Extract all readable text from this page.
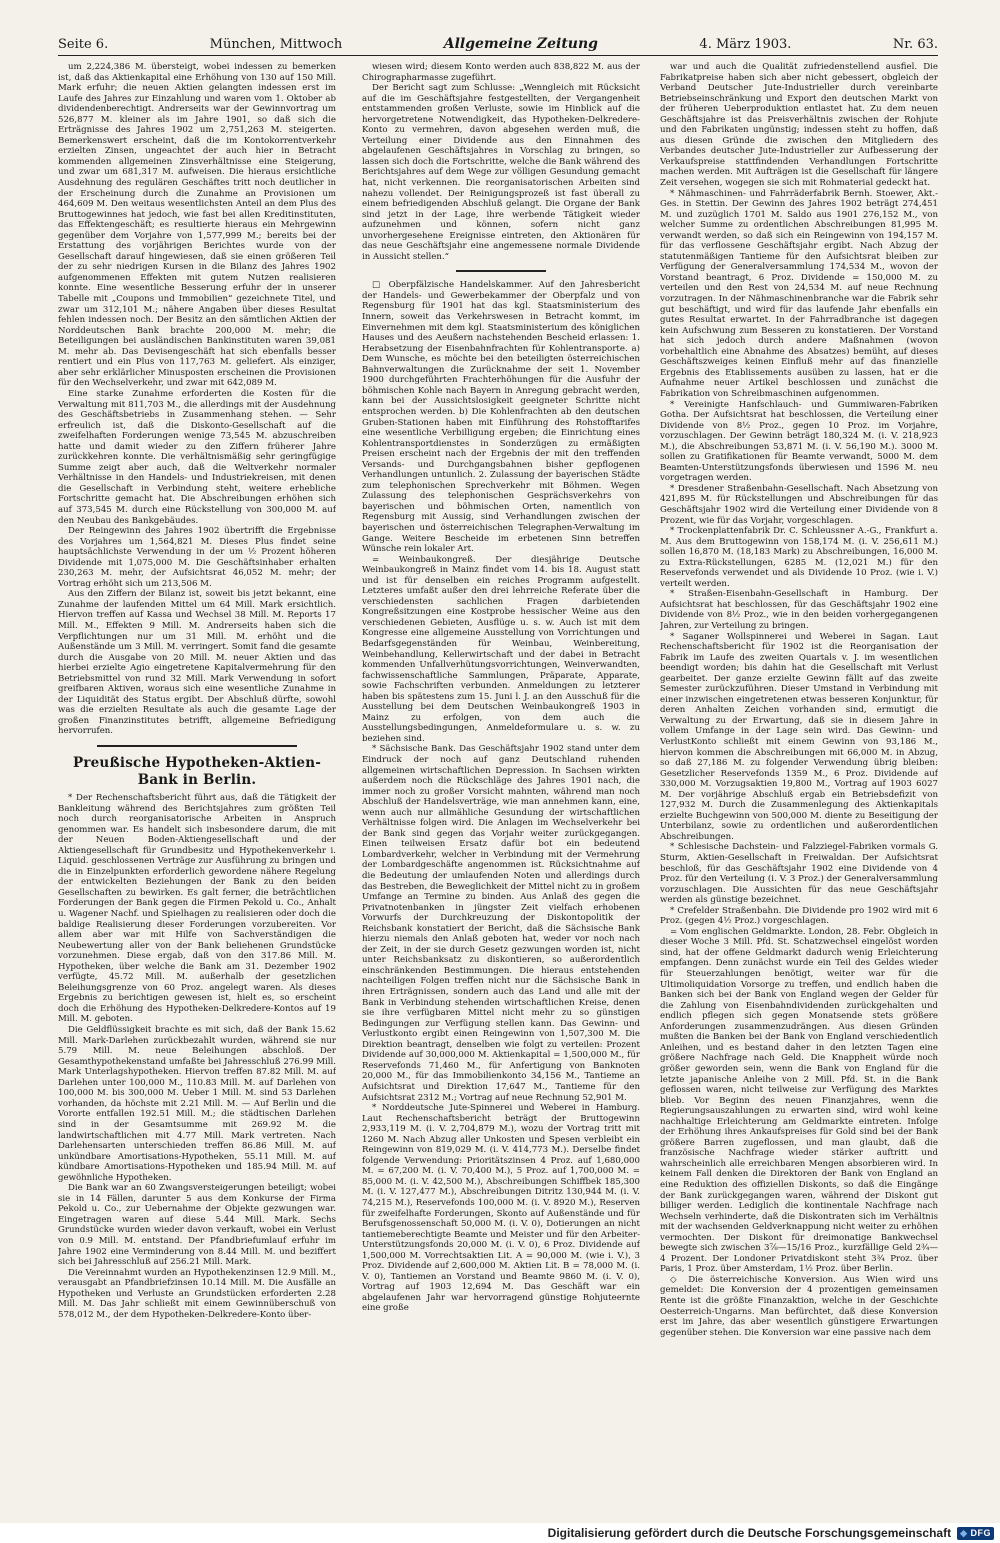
Seite 6.	München, Mittwoch	Allgemeine Zeitung	4. März 1903.	Nr. 63.

um 2,224,386 M. übersteigt, wobei indessen zu bemerken ist, daß das Aktienkapital eine Erhöhung von 130 auf 150 Mill. Mark erfuhr; die neuen Aktien gelangten indessen erst im Laufe des Jahres zur Einzahlung und waren vom 1. Oktober ab dividendenberechtigt. Andrerseits war der Gewinnvortrag um 526,877 M. kleiner als im Jahre 1901, so daß sich die Erträgnisse des Jahres 1902 um 2,751,263 M. steigerten. Bemerkenswert erscheint, daß die im Kontokorrentverkehr erzielten Zinsen, ungeachtet der auch hier in Betracht kommenden allgemeinen Zinsverhältnisse eine Steigerung, und zwar um 681,317 M. aufweisen. Die hieraus ersichtliche Ausdehnung des regulären Geschäftes tritt noch deutlicher in der Erscheinung durch die Zunahme an Provisionen um 464,609 M. Den weitaus wesentlichsten Anteil an dem Plus des Bruttogewinnes hat jedoch, wie fast bei allen Kreditinstituten, das Effektengeschäft; es resultierte hieraus ein Mehrgewinn gegenüber dem Vorjahre von 1,577,999 M.; bereits bei der Erstattung des vorjährigen Berichtes wurde von der Gesellschaft darauf hingewiesen, daß sie einen größeren Teil der zu sehr niedrigen Kursen in die Bilanz des Jahres 1902 aufgenommenen Effekten mit gutem Nutzen realisieren konnte. Eine wesentliche Besserung erfuhr der in unserer Tabelle mit „Coupons und Immobilien“ gezeichnete Titel, und zwar um 312,101 M.; nähere Angaben über dieses Resultat fehlen indessen noch. Der Besitz an den sämtlichen Aktien der Norddeutschen Bank brachte 200,000 M. mehr; die Beteiligungen bei ausländischen Bankinstituten waren 39,081 M. mehr ab. Das Devisengeschäft hat sich ebenfalls besser rentiert und ein Plus von 117,763 M. geliefert. Als einziger, aber sehr erklärlicher Minusposten erscheinen die Provisionen für den Wechselverkehr, und zwar mit 642,089 M.

Eine starke Zunahme erforderten die Kosten für die Verwaltung mit 811,703 M., die allerdings mit der Ausdehnung des Geschäftsbetriebs in Zusammenhang stehen. — Sehr erfreulich ist, daß die Diskonto-Gesellschaft auf die zweifelhaften Forderungen wenige 73,545 M. abzuschreiben hatte und damit wieder zu den Ziffern früherer Jahre zurückkehren konnte. Die verhältnismäßig sehr geringfügige Summe zeigt aber auch, daß die Weltverkehr normaler Verhältnisse in den Handels- und Industriekreisen, mit denen die Gesellschaft in Verbindung steht, weitere erhebliche Fortschritte gemacht hat. Die Abschreibungen erhöhen sich auf 373,545 M. durch eine Rückstellung von 300,000 M. auf den Neubau des Bankgebäudes.

Der Reingewinn des Jahres 1902 übertrifft die Ergebnisse des Vorjahres um 1,564,821 M. Dieses Plus findet seine hauptsächlichste Verwendung in der um ½ Prozent höheren Dividende mit 1,075,000 M. Die Geschäftsinhaber erhalten 230,263 M. mehr, der Aufsichtsrat 46,052 M. mehr; der Vortrag erhöht sich um 213,506 M.

Aus den Ziffern der Bilanz ist, soweit bis jetzt bekannt, eine Zunahme der laufenden Mittel um 64 Mill. Mark ersichtlich. Hiervon treffen auf Kassa und Wechsel 38 Mill. M. Reports 17 Mill. M., Effekten 9 Mill. M. Andrerseits haben sich die Verpflichtungen nur um 31 Mill. M. erhöht und die Außenstände um 3 Mill. M. verringert. Somit fand die gesamte durch die Ausgabe von 20 Mill. M. neuer Aktien und das hierbei erzielte Agio eingetretene Kapitalvermehrung für den Betriebsmittel von rund 32 Mill. Mark Verwendung in sofort greifbaren Aktiven, woraus sich eine wesentliche Zunahme in der Liquidität des Status ergibt. Der Abschluß dürfte, sowohl was die erzielten Resultate als auch die gesamte Lage der großen Finanzinstitutes betrifft, allgemeine Befriedigung hervorrufen.

Preußische Hypotheken-Aktien-Bank in Berlin.

* Der Rechenschaftsbericht führt aus, daß die Tätigkeit der Bankleitung während des Berichtsjahres zum größten Teil noch durch reorganisatorische Arbeiten in Anspruch genommen war. Es handelt sich insbesondere darum, die mit der Neuen Boden-Aktiengesellschaft und der Aktiengesellschaft für Grundbesitz und Hypothekenverkehr i. Liquid. geschlossenen Verträge zur Ausführung zu bringen und die in Einzelpunkten erforderlich gewordene nähere Regelung der entwickelten Beziehungen der Bank zu den beiden Gesellschaften zu bewirken. Es galt ferner, die beträchtlichen Forderungen der Bank gegen die Firmen Pekold u. Co., Anhalt u. Wagener Nachf. und Spielhagen zu realisieren oder doch die baldige Realisierung dieser Forderungen vorzubereiten. Vor allem aber war mit Hilfe von Sachverständigen die Neubewertung aller von der Bank beliehenen Grundstücke vorzunehmen. Diese ergab, daß von den 317.86 Mill. M. Hypotheken, über welche die Bank am 31. Dezember 1902 verfügte, 45.72 Mill. M. außerhalb der gesetzlichen Beleihungsgrenze von 60 Proz. angelegt waren. Als dieses Ergebnis zu berichtigen gewesen ist, hielt es, so erscheint doch die Erhöhung des Hypotheken-Delkredere-Kontos auf 19 Mill. M. geboten.

Die Geldflüssigkeit brachte es mit sich, daß der Bank 15.62 Mill. Mark-Darlehen zurückbezahlt wurden, während sie nur 5.79 Mill. M. neue Beleihungen abschloß. Der Gesamthypothekenstand umfaßte bei Jahresschluß 276.99 Mill. Mark Unterlagshypotheken. Hiervon treffen 87.82 Mill. M. auf Darlehen unter 100,000 M., 110.83 Mill. M. auf Darlehen von 100,000 M. bis 300,000 M. Ueber 1 Mill. M. sind 53 Darlehen vorhanden, da höchste mit 2.21 Mill. M. — Auf Berlin und die Vororte entfallen 192.51 Mill. M.; die städtischen Darlehen sind in der Gesamtsumme mit 269.92 M. die landwirtschaftlichen mit 4.77 Mill. Mark vertreten. Nach Darlehensarten unterschieden treffen 86.86 Mill. M. auf unkündbare Amortisations-Hypotheken, 55.11 Mill. M. auf kündbare Amortisations-Hypotheken und 185.94 Mill. M. auf gewöhnliche Hypotheken.

Die Bank war an 60 Zwangsversteigerungen beteiligt; wobei sie in 14 Fällen, darunter 5 aus dem Konkurse der Firma Pekold u. Co., zur Uebernahme der Objekte gezwungen war. Eingetragen waren auf diese 5.44 Mill. Mark. Sechs Grundstücke wurden wieder davon verkauft, wobei ein Verlust von 0.9 Mill. M. entstand. Der Pfandbriefumlauf erfuhr im Jahre 1902 eine Verminderung von 8.44 Mill. M. und beziffert sich bei Jahresschluß auf 256.21 Mill. Mark.

Die Vereinnahmt wurden an Hypothekenzinsen 12.9 Mill. M., verausgabt an Pfandbriefzinsen 10.14 Mill. M. Die Ausfälle an Hypotheken und Verluste an Grundstücken erforderten 2.28 Mill. M. Das Jahr schließt mit einem Gewinnüberschuß von 578,012 M., der dem Hypotheken-Delkredere-Konto über-

wiesen wird; diesem Konto werden auch 838,822 M. aus der Chirographarmasse zugeführt.

Der Bericht sagt zum Schlusse: „Wenngleich mit Rücksicht auf die im Geschäftsjahre festgestellten, der Vergangenheit entstammenden großen Verluste, sowie im Hinblick auf die hervorgetretene Notwendigkeit, das Hypotheken-Delkredere-Konto zu vermehren, davon abgesehen werden muß, die Verteilung einer Dividende aus den Einnahmen des abgelaufenen Geschäftsjahres in Vorschlag zu bringen, so lassen sich doch die Fortschritte, welche die Bank während des Berichtsjahres auf dem Wege zur völligen Gesundung gemacht hat, nicht verkennen. Die reorganisatorischen Arbeiten sind nahezu vollendet. Der Reinigungsprozeß ist fast überall zu einem befriedigenden Abschluß gelangt. Die Organe der Bank sind jetzt in der Lage, ihre werbende Tätigkeit wieder aufzunehmen und können, sofern nicht ganz unvorhergesehene Ereignisse eintreten, den Aktionären für das neue Geschäftsjahr eine angemessene normale Dividende in Aussicht stellen.“

□ Oberpfälzische Handelskammer. Auf den Jahresbericht der Handels- und Gewerbekammer der Oberpfalz und von Regensburg für 1901 hat das kgl. Staatsministerium des Innern, soweit das Verkehrswesen in Betracht kommt, im Einvernehmen mit dem kgl. Staatsministerium des königlichen Hauses und des Aeußern nachstehenden Bescheid erlassen: 1. Herabsetzung der Eisenbahnfrachten für Kohlentransporte. a) Dem Wunsche, es möchte bei den beteiligten österreichischen Bahnverwaltungen die Zurücknahme der seit 1. November 1900 durchgeführten Frachterhöhungen für die Ausfuhr der böhmischen Kohle nach Bayern in Anregung gebracht werden, kann bei der Aussichtslosigkeit geeigneter Schritte nicht entsprochen werden. b) Die Kohlenfrachten ab den deutschen Gruben-Stationen haben mit Einführung des Rohstofftarifes eine wesentliche Verbilligung ergeben; die Einrichtung eines Kohlentransportdienstes in Sonderzügen zu ermäßigten Preisen erscheint nach der Ergebnis der mit den treffenden Versands- und Durchgangsbahnen bisher gepflogenen Verhandlungen untunlich. 2. Zulassung der bayerischen Städte zum telephonischen Sprechverkehr mit Böhmen. Wegen Zulassung des telephonischen Gesprächsverkehrs von bayerischen und böhmischen Orten, namentlich von Regensburg mit Aussig, sind Verhandlungen zwischen der bayerischen und österreichischen Telegraphen-Verwaltung im Gange. Weitere Bescheide im erbetenen Sinn betreffen Wünsche rein lokaler Art.

= Weinbaukongreß. Der diesjährige Deutsche Weinbaukongreß in Mainz findet vom 14. bis 18. August statt und ist für denselben ein reiches Programm aufgestellt. Letzteres umfaßt außer den drei lehrreiche Referate über die verschiedensten sachlichen Fragen darbietenden Kongreßsitzungen eine Kostprobe hessischer Weine aus den verschiedenen Gebieten, Ausflüge u. s. w. Auch ist mit dem Kongresse eine allgemeine Ausstellung von Vorrichtungen und Bedarfsgegenständen für Weinbau, Weinbereitung, Weinbehandlung, Kellerwirtschaft und der dabei in Betracht kommenden Unfallverhütungsvorrichtungen, Weinverwandten, fachwissenschaftliche Sammlungen, Präparate, Apparate, sowie Fachschriften verbunden. Anmeldungen zu letzterer haben bis spätestens zum 15. Juni l. J. an den Ausschuß für die Ausstellung bei dem Deutschen Weinbaukongreß 1903 in Mainz zu erfolgen, von dem auch die Ausstellungsbedingungen, Anmeldeformulare u. s. w. zu beziehen sind.

* Sächsische Bank. Das Geschäftsjahr 1902 stand unter dem Eindruck der noch auf ganz Deutschland ruhenden allgemeinen wirtschaftlichen Depression. In Sachsen wirkten außerdem noch die Rückschläge des Jahres 1901 nach, die immer noch zu großer Vorsicht mahnten, während man noch Abschluß der Handelsverträge, wie man annehmen kann, eine, wenn auch nur allmähliche Gesundung der wirtschaftlichen Verhältnisse folgen wird. Die Anlagen im Wechselverkehr bei der Bank sind gegen das Vorjahr weiter zurückgegangen. Einen teilweisen Ersatz dafür bot ein bedeutend Lombardverkehr, welcher in Verbindung mit der Vermehrung der Lombardgeschäfte angenommen ist. Rücksichtnahme auf die Bedeutung der umlaufenden Noten und allerdings durch das Bestreben, die Beweglichkeit der Mittel nicht zu in großem Umfange an Termine zu binden. Aus Anlaß des gegen die Privatnotenbanken in jüngster Zeit vielfach erhobenen Vorwurfs der Durchkreuzung der Diskontopolitik der Reichsbank konstatiert der Bericht, daß die Sächsische Bank hierzu niemals den Anlaß geboten hat, weder vor noch nach der Zeit, in der sie durch Gesetz gezwungen worden ist, nicht unter Reichsbanksatz zu diskontieren, so außerordentlich einschränkenden Bestimmungen. Die hieraus entstehenden nachteiligen Folgen treffen nicht nur die Sächsische Bank in ihren Erträgnissen, sondern auch das Land und alle mit der Bank in Verbindung stehenden wirtschaftlichen Kreise, denen sie ihre verfügbaren Mittel nicht mehr zu so günstigen Bedingungen zur Verfügung stellen kann. Das Gewinn- und Verlustkonto ergibt einen Reingewinn von 1,507,300 M. Die Direktion beantragt, denselben wie folgt zu verteilen: Prozent Dividende auf 30,000,000 M. Aktienkapital = 1,500,000 M., für Reservefonds 71,460 M., für Anfertigung von Banknoten 20,000 M., für das Immobilienkonto 34,156 M., Tantieme an Aufsichtsrat und Direktion 17,647 M., Tantieme für den Aufsichtsrat 2312 M.; Vortrag auf neue Rechnung 52,901 M.

* Norddeutsche Jute-Spinnerei und Weberei in Hamburg. Laut Rechenschaftsbericht beträgt der Bruttogewinn 2,933,119 M. (i. V. 2,704,879 M.), wozu der Vortrag tritt mit 1260 M. Nach Abzug aller Unkosten und Spesen verbleibt ein Reingewinn von 819,029 M. (i. V. 414,773 M.). Derselbe findet folgende Verwendung: Prioritätszinsen 4 Proz. auf 1,680,000 M. = 67,200 M. (i. V. 70,400 M.), 5 Proz. auf 1,700,000 M. = 85,000 M. (i. V. 42,500 M.), Abschreibungen Schiffbek 185,300 M. (i. V. 127,477 M.), Abschreibungen Ditritz 130,944 M. (i. V. 74,215 M.), Reservefonds 100,000 M. (i. V. 8920 M.), Reserven für zweifelhafte Forderungen, Skonto auf Außenstände und für Berufsgenossenschaft 50,000 M. (i. V. 0), Dotierungen an nicht tantiemeberechtigte Beamte und Meister und für den Arbeiter-Unterstützungsfonds 20,000 M. (i. V. 0), 6 Proz. Dividende auf 1,500,000 M. Vorrechtsaktien Lit. A = 90,000 M. (wie i. V.), 3 Proz. Dividende auf 2,600,000 M. Aktien Lit. B = 78,000 M. (i. V. 0), Tantiemen an Vorstand und Beamte 9860 M. (i. V. 0), Vortrag auf 1903 12,694 M. Das Geschäft war ein abgelaufenen Jahr war hervorragend günstige Rohjuteernte eine große

war und auch die Qualität zufriedenstellend ausfiel. Die Fabrikatpreise haben sich aber nicht gebessert, obgleich der Verband Deutscher Jute-Industrieller durch vereinbarte Betriebseinschränkung und Export den deutschen Markt von der früheren Ueberproduktion entlastet hat. Zu dem neuen Geschäftsjahre ist das Preisverhältnis zwischen der Rohjute und den Fabrikaten ungünstig; indessen steht zu hoffen, daß aus diesen Gründe die zwischen den Mitgliedern des Verbandes deutscher Jute-Industrieller zur Aufbesserung der Verkaufspreise stattfindenden Verhandlungen Fortschritte machen werden. Mit Aufträgen ist die Gesellschaft für längere Zeit versehen, wogegen sie sich mit Rohmaterial gedeckt hat.

* Nähmaschinen- und Fahrräderfabrik Bernh. Stoewer, Akt.-Ges. in Stettin. Der Gewinn des Jahres 1902 beträgt 274,451 M. und zuzüglich 1701 M. Saldo aus 1901 276,152 M., von welcher Summe zu ordentlichen Abschreibungen 81,995 M. verwandt werden, so daß sich ein Reingewinn von 194,157 M. für das verflossene Geschäftsjahr ergibt. Nach Abzug der statutenmäßigen Tantieme für den Aufsichtsrat bleiben zur Verfügung der Generalversammlung 174,534 M., wovon der Vorstand beantragt, 6 Proz. Dividende = 150,000 M. zu verteilen und den Rest von 24,534 M. auf neue Rechnung vorzutragen. In der Nähmaschinenbranche war die Fabrik sehr gut beschäftigt, und wird für das laufende Jahr ebenfalls ein gutes Resultat erwartet. In der Fahrradbranche ist dagegen kein Aufschwung zum Besseren zu konstatieren. Der Vorstand hat sich jedoch durch andere Maßnahmen (wovon vorbehaltlich eine Abnahme des Absatzes) bemüht, auf dieses Geschäftszweiges keinen Einfluß mehr auf das finanzielle Ergebnis des Etablissements ausüben zu lassen, hat er die Aufnahme neuer Artikel beschlossen und zunächst die Fabrikation von Schreibmaschinen aufgenommen.

* Vereinigte Hanfschlauch- und Gummiwaren-Fabriken Gotha. Der Aufsichtsrat hat beschlossen, die Verteilung einer Dividende von 8½ Proz., gegen 10 Proz. im Vorjahre, vorzuschlagen. Der Gewinn beträgt 180,324 M. (i. V. 218,923 M.), die Abschreibungen 53,871 M. (i. V. 56,190 M.). 3000 M. sollen zu Gratifikationen für Beamte verwandt, 5000 M. dem Beamten-Unterstützungsfonds überwiesen und 1596 M. neu vorgetragen werden.

* Dresdener Straßenbahn-Gesellschaft. Nach Absetzung von 421,895 M. für Rückstellungen und Abschreibungen für das Geschäftsjahr 1902 wird die Verteilung einer Dividende von 8 Prozent, wie für das Vorjahr, vorgeschlagen.

* Trockenplattenfabrik Dr. C. Schleussner A.-G., Frankfurt a. M. Aus dem Bruttogewinn von 158,174 M. (i. V. 256,611 M.) sollen 16,870 M. (18,183 Mark) zu Abschreibungen, 16,000 M. zu Extra-Rückstellungen, 6285 M. (12,021 M.) für den Reservefonds verwendet und als Dividende 10 Proz. (wie i. V.) verteilt werden.

* Straßen-Eisenbahn-Gesellschaft in Hamburg. Der Aufsichtsrat hat beschlossen, für das Geschäftsjahr 1902 eine Dividende von 8½ Proz., wie in den beiden vorhergegangenen Jahren, zur Verteilung zu bringen.

* Saganer Wollspinnerei und Weberei in Sagan. Laut Rechenschaftsbericht für 1902 ist die Reorganisation der Fabrik im Laufe des zweiten Quartals v. J. im wesentlichen beendigt worden; bis dahin hat die Gesellschaft mit Verlust gearbeitet. Der ganze erzielte Gewinn fällt auf das zweite Semester zurückzuführen. Dieser Umstand in Verbindung mit einer inzwischen eingetretenen etwas besseren Konjunktur, für deren Anhalten Zeichen vorhanden sind, ermutigt die Verwaltung zu der Erwartung, daß sie in diesem Jahre in vollem Umfange in der Lage sein wird. Das Gewinn- und VerlustKonto schließt mit einem Gewinn von 93,186 M., hiervon kommen die Abschreibungen mit 66,000 M. in Abzug, so daß 27,186 M. zu folgender Verwendung übrig bleiben: Gesetzlicher Reservefonds 1359 M., 6 Proz. Dividende auf 330,000 M. Vorzugsaktien 19,800 M., Vortrag auf 1903 6027 M. Der vorjährige Abschluß ergab ein Betriebsdefizit von 127,932 M. Durch die Zusammenlegung des Aktienkapitals erzielte Buchgewinn von 500,000 M. diente zu Beseitigung der Unterbilanz, sowie zu ordentlichen und außerordentlichen Abschreibungen.

* Schlesische Dachstein- und Falzziegel-Fabriken vormals G. Sturm, Aktien-Gesellschaft in Freiwaldan. Der Aufsichtsrat beschloß, für das Geschäftsjahr 1902 eine Dividende von 4 Proz. für den Verteilung (i. V. 3 Proz.) der Generalversammlung vorzuschlagen. Die Aussichten für das neue Geschäftsjahr werden als günstige bezeichnet.

* Crefelder Straßenbahn. Die Dividende pro 1902 wird mit 6 Proz. (gegen 4½ Proz.) vorgeschlagen.

= Vom englischen Geldmarkte. London, 28. Febr. Obgleich in dieser Woche 3 Mill. Pfd. St. Schatzwechsel eingelöst worden sind, hat der offene Geldmarkt dadurch wenig Erleichterung empfangen. Denn zunächst wurde ein Teil des Geldes wieder für Steuerzahlungen benötigt, weiter war für die Ultimoliquidation Vorsorge zu treffen, und endlich haben die Banken sich bei der Bank von England wegen der Gelder für die Zahlung von Eisenbahndividenden zurückgehalten und endlich pflegen sich gegen Monatsende stets größere Anforderungen zusammenzudrängen. Aus diesen Gründen mußten die Banken bei der Bank von England verschiedentlich Anleihen, und es bestand daher in den letzten Tagen eine größere Nachfrage nach Geld. Die Knappheit würde noch größer geworden sein, wenn die Bank von England für die letzte japanische Anleihe von 2 Mill. Pfd. St. in die Bank geflossen waren, nicht teilweise zur Verfügung des Marktes blieb. Vor Beginn des neuen Finanzjahres, wenn die Regierungsauszahlungen zu erwarten sind, wird wohl keine nachhaltige Erleichterung am Geldmarkte eintreten. Infolge der Erhöhung ihres Ankaufspreises für Gold sind bei der Bank größere Barren zugeflossen, und man glaubt, daß die französische Nachfrage wieder stärker auftritt und wahrscheinlich alle erreichbaren Mengen absorbieren wird. In keinem Fall denken die Direktoren der Bank von England an eine Reduktion des offiziellen Diskonts, so daß die Eingänge der Bank zurückgegangen waren, während der Diskont gut billiger werden. Lediglich die kontinentale Nachfrage nach Wechseln verhinderte, daß die Diskontraten sich im Verhältnis mit der wachsenden Geldverknappung nicht weiter zu erhöhen vermochten. Der Diskont für dreimonatige Bankwechsel bewegte sich zwischen 3⅞—15/16 Proz., kurzfällige Geld 2¾—4 Prozent. Der Londoner Privatdiskont steht 3¾ Proz. über Paris, 1 Proz. über Amsterdam, 1½ Proz. über Berlin.

◇ Die österreichische Konversion. Aus Wien wird uns gemeldet: Die Konversion der 4 prozentigen gemeinsamen Rente ist die größte Finanzaktion, welche in der Geschichte Oesterreich-Ungarns. Man befürchtet, daß diese Konversion erst im Jahre, das aber wesentlich günstigere Erwartungen gegenüber stehen. Die Konversion war eine passive nach dem

Digitalisierung gefördert durch die Deutsche Forschungsgemeinschaft
◆	DFG
